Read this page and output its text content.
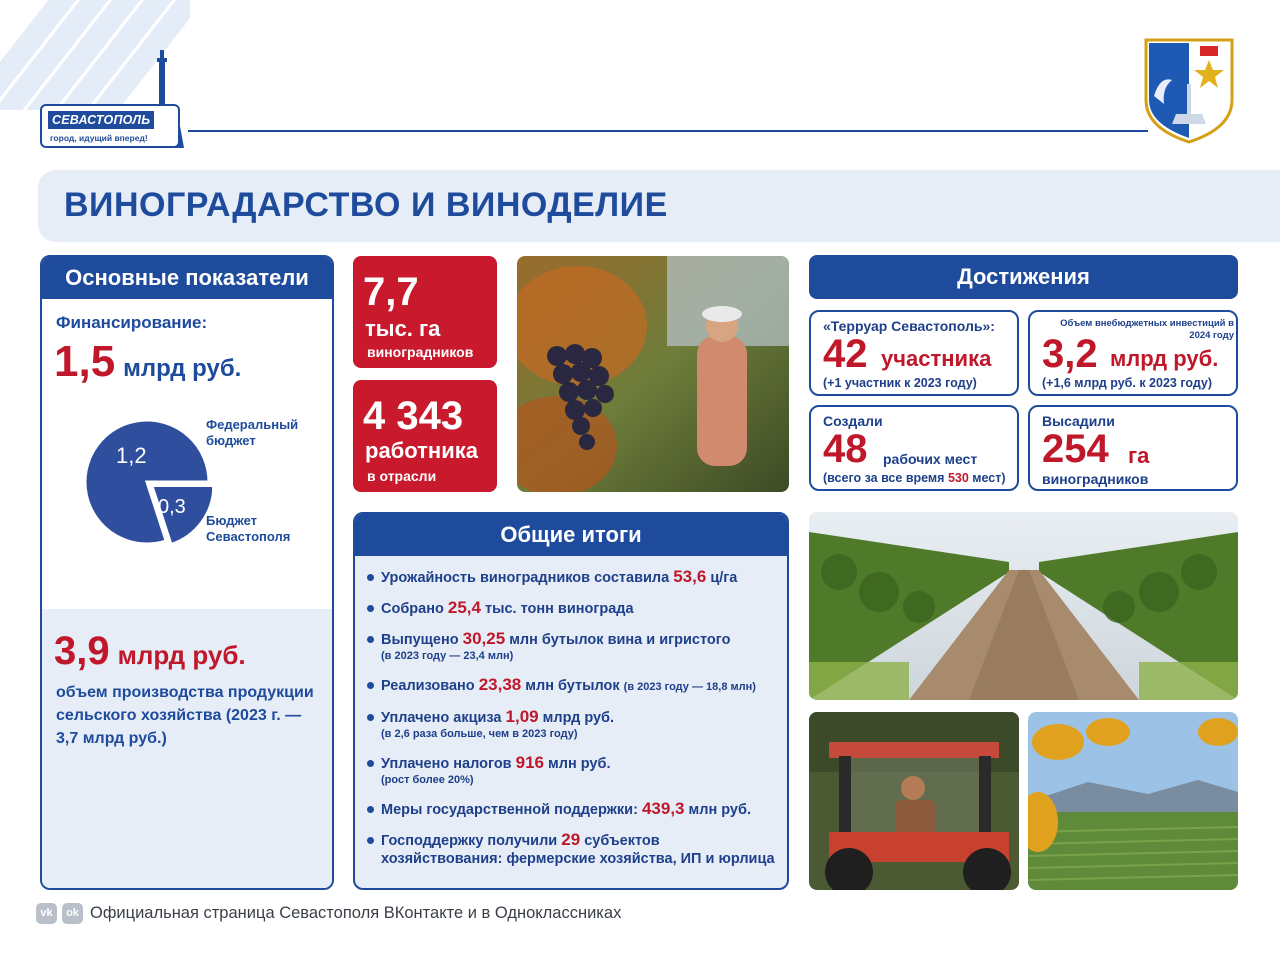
СЕВАСТОПОЛЬ
город, идущий вперед!
ВИНОГРАДАРСТВО И ВИНОДЕЛИЕ
Основные показатели
Финансирование:
1,5 млрд руб.
1,2
0,3
Федеральный бюджет
Бюджет Севастополя
3,9 млрд руб.
объем производства продукции сельского хозяйства (2023 г. — 3,7 млрд руб.)
7,7
тыс. га
виноградников
4 343
работника
в отрасли
Общие итоги
Урожайность виноградников составила 53,6 ц/га
Собрано 25,4 тыс. тонн винограда
Выпущено 30,25 млн бутылок вина и игристого
(в 2023 году — 23,4 млн)
Реализовано 23,38 млн бутылок (в 2023 году — 18,8 млн)
Уплачено акциза 1,09 млрд руб.
(в 2,6 раза больше, чем в 2023 году)
Уплачено налогов 916 млн руб.
(рост более 20%)
Меры государственной поддержки: 439,3 млн руб.
Господдержку получили 29 субъектов хозяйствования: фермерские хозяйства, ИП и юрлица
Достижения
«Терруар Севастополь»:
42 участника
(+1 участник к 2023 году)
Объем внебюджетных инвестиций в 2024 году
3,2 млрд руб.
(+1,6 млрд руб. к 2023 году)
Создали
48 рабочих мест
(всего за все время 530 мест)
Высадили
254 га
виноградников
vk	ok Официальная страница Севастополя ВКонтакте и в Одноклассниках
